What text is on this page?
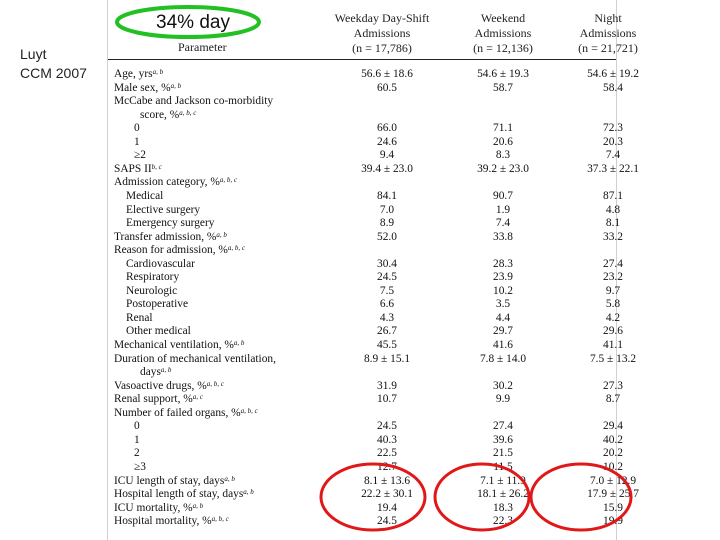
Luyt
CCM 2007
Weekday Day-Shift
Admissions
(n = 17,786)
Weekend
Admissions
(n = 12,136)
Night
Admissions
(n = 21,721)
Parameter
Age, yrs$^{a, b}$	56.6 ± 18.6	54.6 ± 19.3	54.6 ± 19.2
Male sex, %$^{a, b}$	60.5	58.7	58.4
McCabe and Jackson co-morbidity
score, %$^{a, b, c}$
0	66.0	71.1	72.3
1	24.6	20.6	20.3
≥2	9.4	8.3	7.4
SAPS II$^{b, c}$	39.4 ± 23.0	39.2 ± 23.0	37.3 ± 22.1
Admission category, %$^{a, b, c}$
Medical	84.1	90.7	87.1
Elective surgery	7.0	1.9	4.8
Emergency surgery	8.9	7.4	8.1
Transfer admission, %$^{a, b}$	52.0	33.8	33.2
Reason for admission, %$^{a, b, c}$
Cardiovascular	30.4	28.3	27.4
Respiratory	24.5	23.9	23.2
Neurologic	7.5	10.2	9.7
Postoperative	6.6	3.5	5.8
Renal	4.3	4.4	4.2
Other medical	26.7	29.7	29.6
Mechanical ventilation, %$^{a, b}$	45.5	41.6	41.1
Duration of mechanical ventilation,	8.9 ± 15.1	7.8 ± 14.0	7.5 ± 13.2
days$^{a, b}$
Vasoactive drugs, %$^{a, b, c}$	31.9	30.2	27.3
Renal support, %$^{a, c}$	10.7	9.9	8.7
Number of failed organs, %$^{a, b, c}$
0	24.5	27.4	29.4
1	40.3	39.6	40.2
2	22.5	21.5	20.2
≥3	12.7	11.5	10.2
ICU length of stay, days$^{a, b}$	8.1 ± 13.6	7.1 ± 11.9	7.0 ± 12.9
Hospital length of stay, days$^{a, b}$	22.2 ± 30.1	18.1 ± 26.2	17.9 ± 25.7
ICU mortality, %$^{a, b}$	19.4	18.3	15.9
Hospital mortality, %$^{a, b, c}$	24.5	22.3	19.9
34% day
